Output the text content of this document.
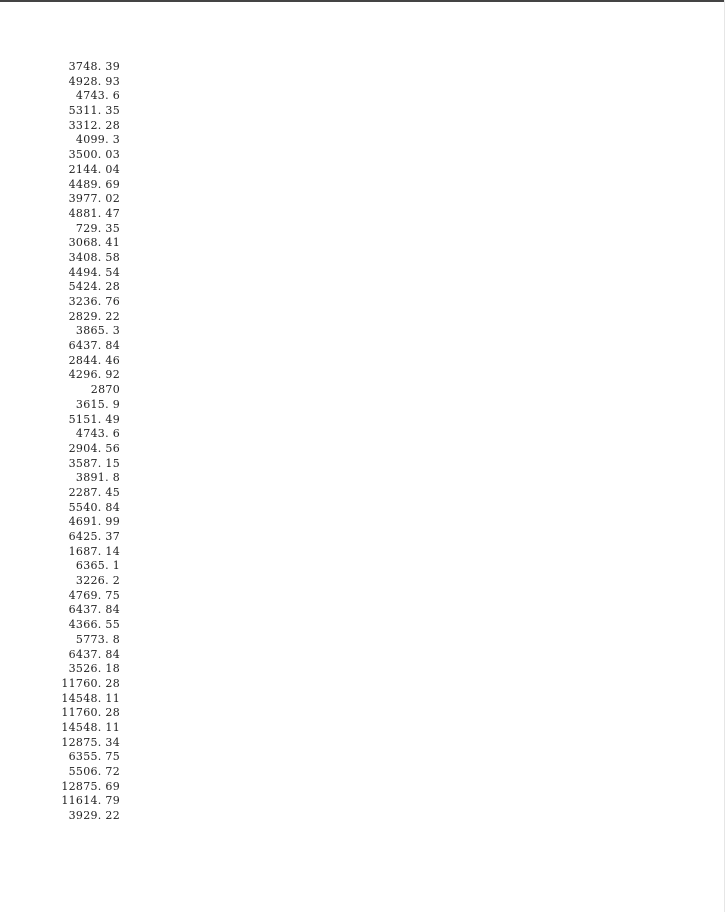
3748. 39
4928. 93
4743. 6
5311. 35
3312. 28
4099. 3
3500. 03
2144. 04
4489. 69
3977. 02
4881. 47
729. 35
3068. 41
3408. 58
4494. 54
5424. 28
3236. 76
2829. 22
3865. 3
6437. 84
2844. 46
4296. 92
2870
3615. 9
5151. 49
4743. 6
2904. 56
3587. 15
3891. 8
2287. 45
5540. 84
4691. 99
6425. 37
1687. 14
6365. 1
3226. 2
4769. 75
6437. 84
4366. 55
5773. 8
6437. 84
3526. 18
11760. 28
14548. 11
11760. 28
14548. 11
12875. 34
6355. 75
5506. 72
12875. 69
11614. 79
3929. 22
